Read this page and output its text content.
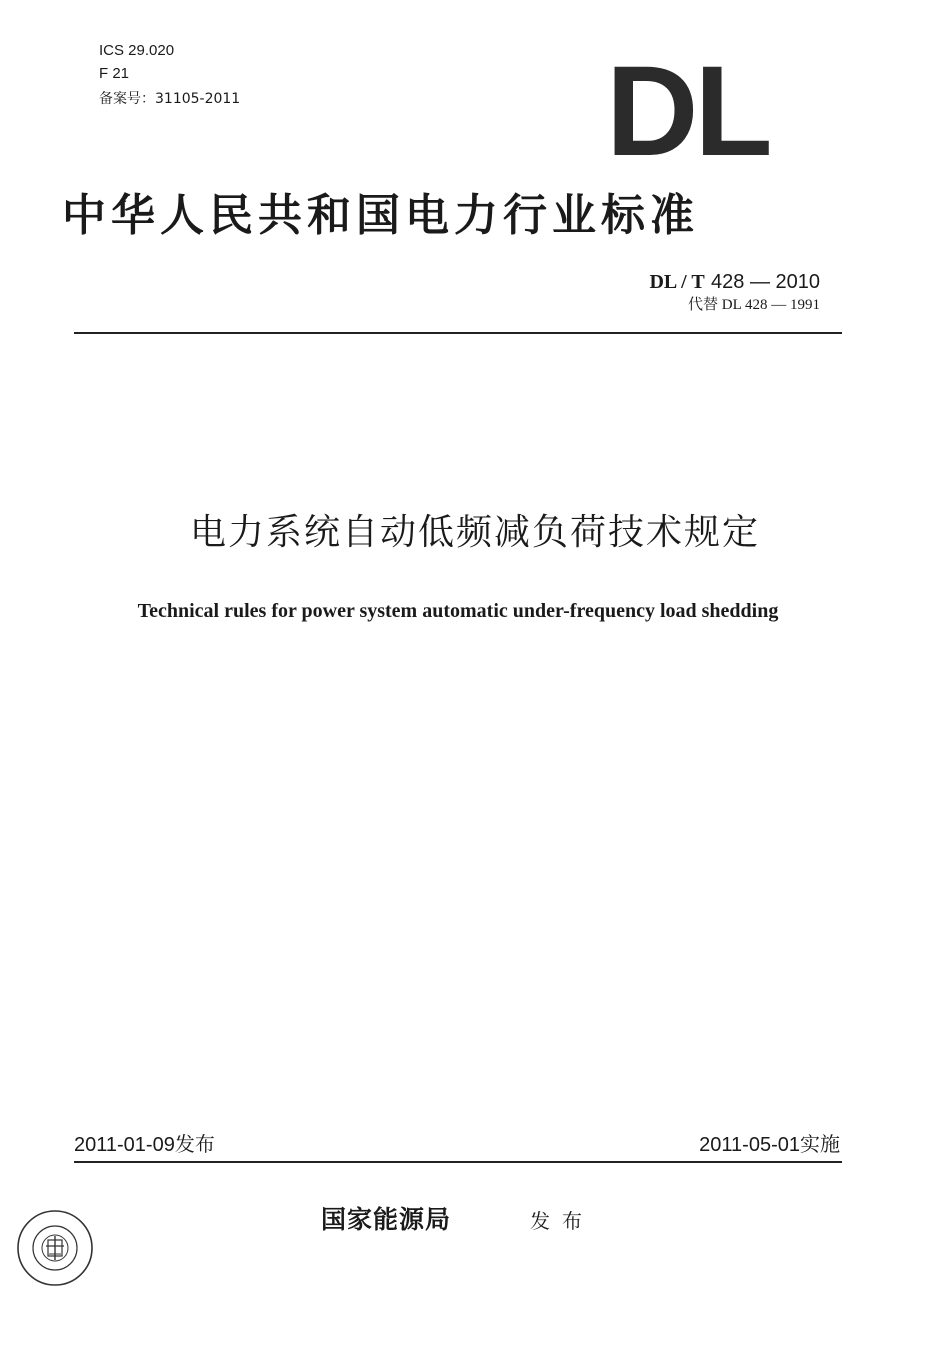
ICS 29.020
F 21
备案号：31105-2011	DL
中华人民共和国电力行业标准
DL / T 428 — 2010
代替 DL 428 — 1991
电力系统自动低频减负荷技术规定
Technical rules for power system automatic under-frequency load shedding
2011-01-09发布	2011-05-01实施
国家能源局	发布
